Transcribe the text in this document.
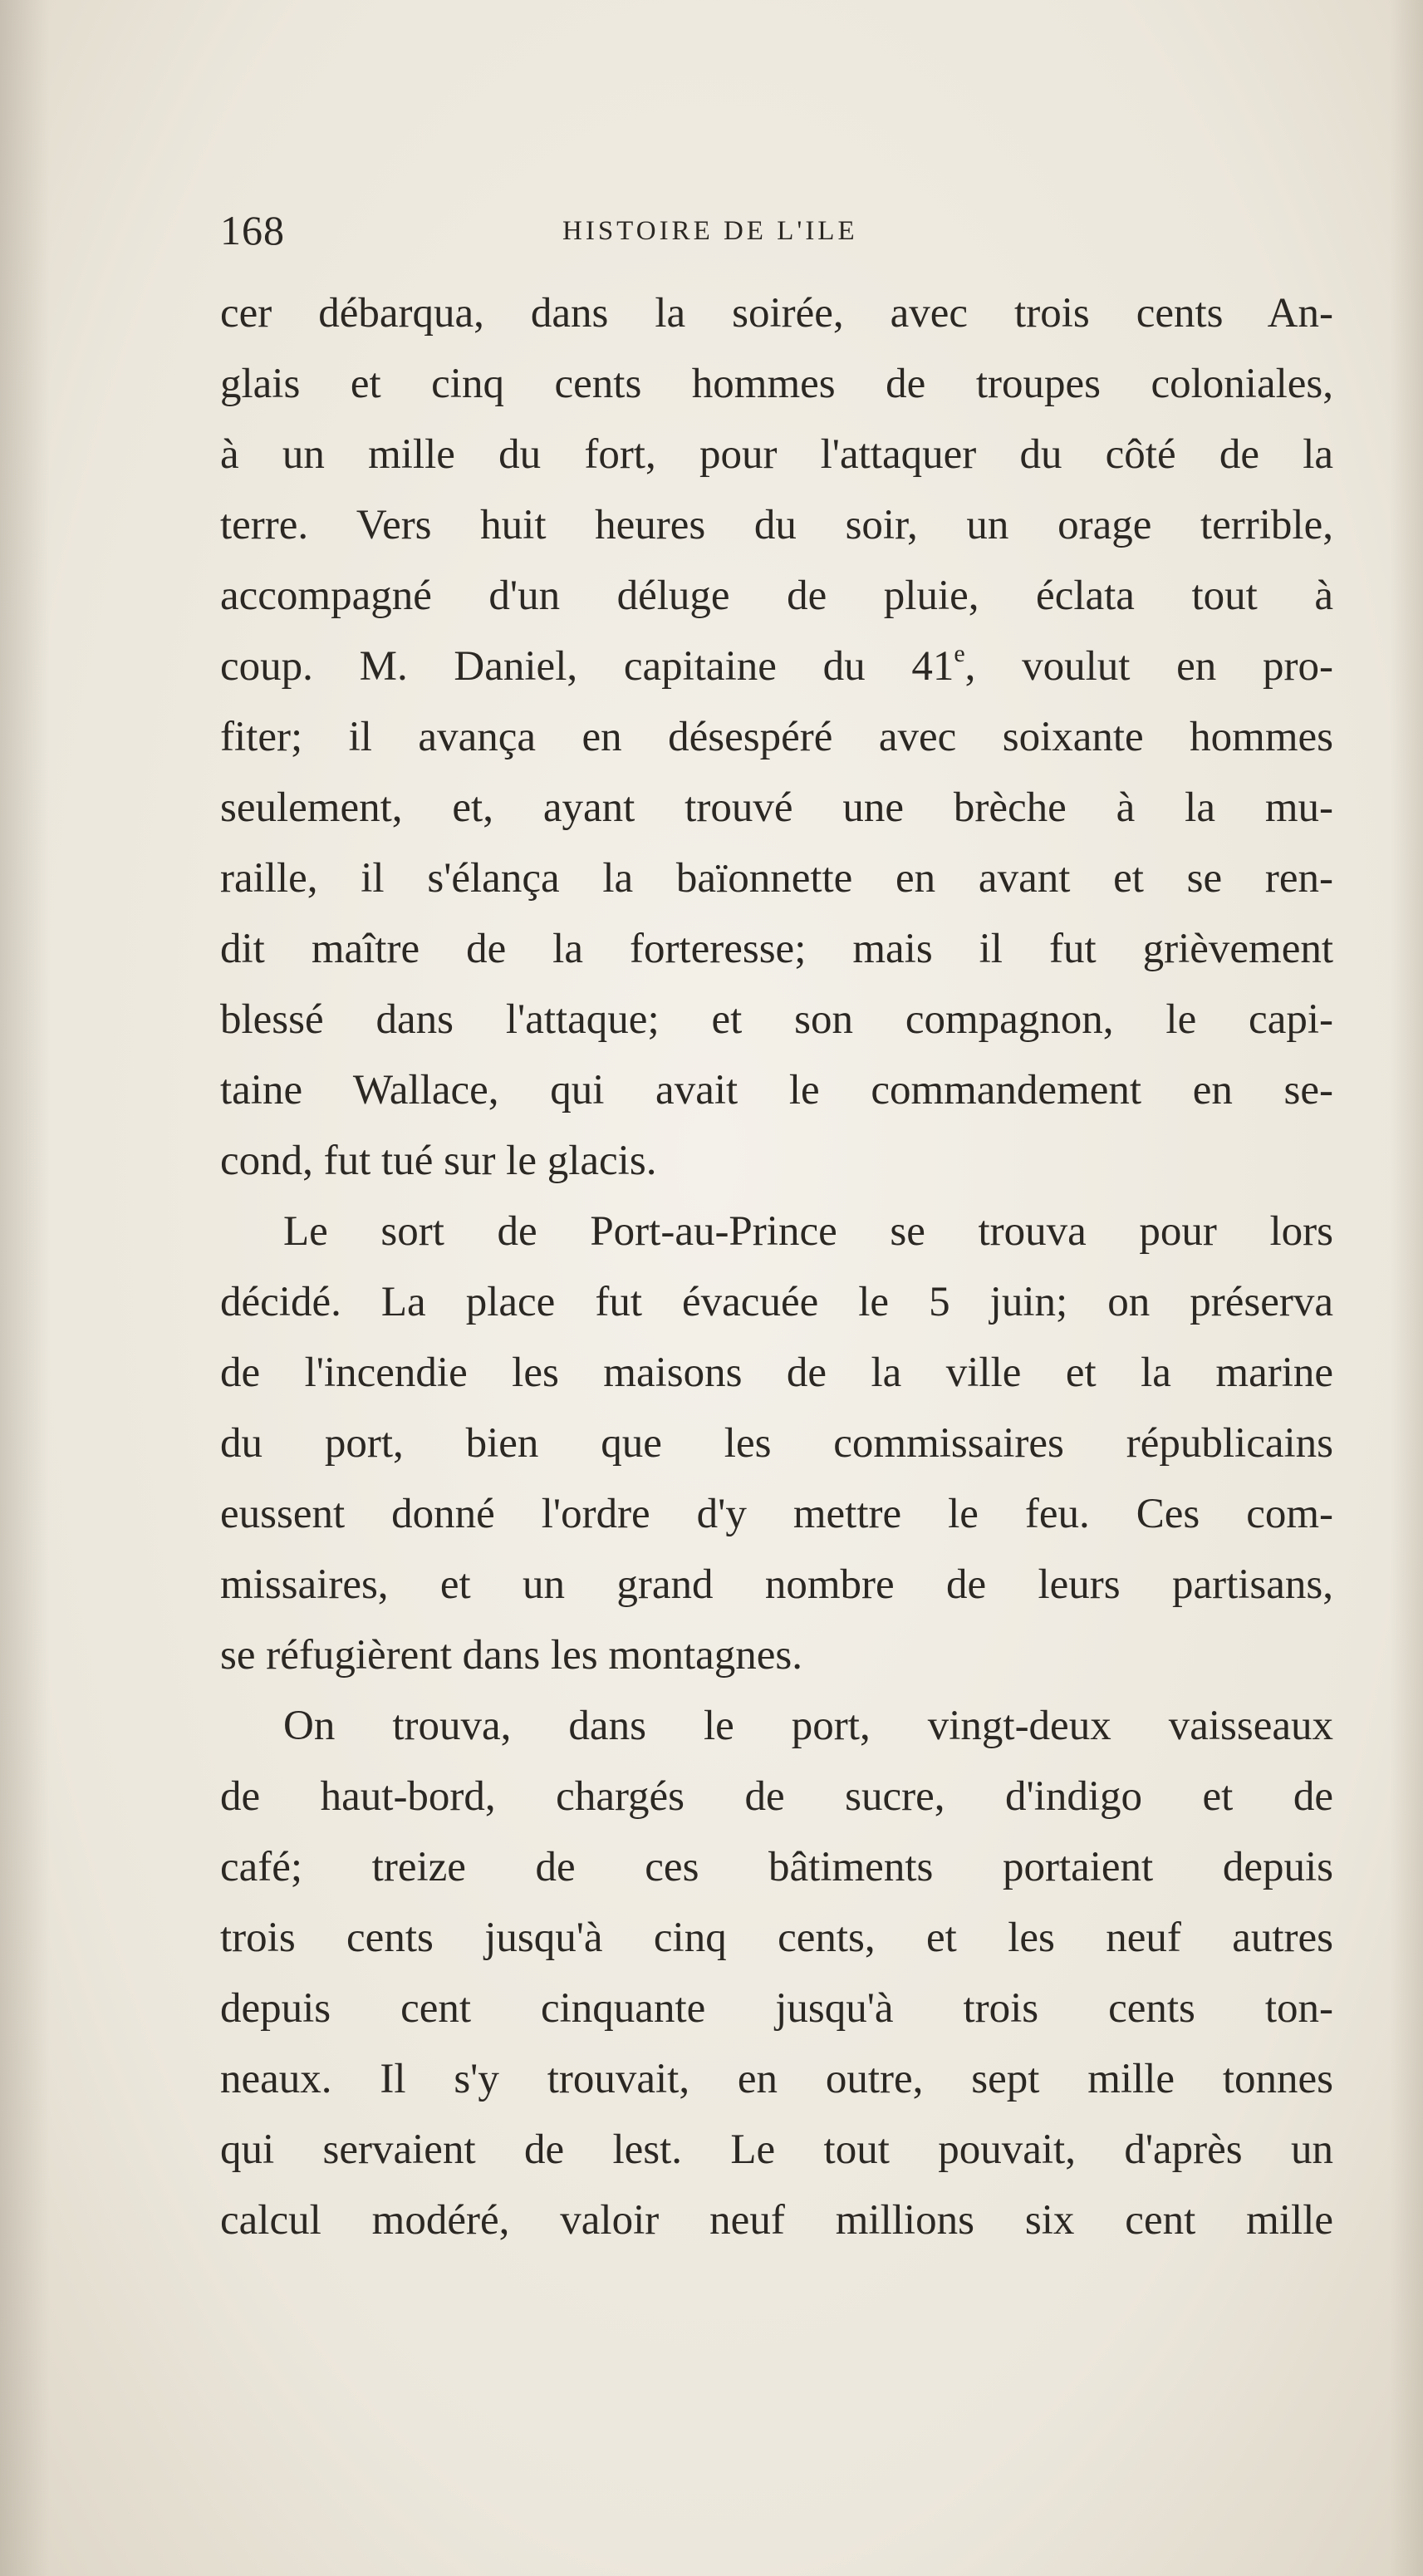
168	HISTOIRE DE L'ILE
cer débarqua, dans la soirée, avec trois cents An-
glais et cinq cents hommes de troupes coloniales,
à un mille du fort, pour l'attaquer du côté de la
terre. Vers huit heures du soir, un orage terrible,
accompagné d'un déluge de pluie, éclata tout à
coup. M. Daniel, capitaine du 41e, voulut en pro-
fiter; il avança en désespéré avec soixante hommes
seulement, et, ayant trouvé une brèche à la mu-
raille, il s'élança la baïonnette en avant et se ren-
dit maître de la forteresse; mais il fut grièvement
blessé dans l'attaque; et son compagnon, le capi-
taine Wallace, qui avait le commandement en se-
cond, fut tué sur le glacis.
Le sort de Port-au-Prince se trouva pour lors
décidé. La place fut évacuée le 5 juin; on préserva
de l'incendie les maisons de la ville et la marine
du port, bien que les commissaires républicains
eussent donné l'ordre d'y mettre le feu. Ces com-
missaires, et un grand nombre de leurs partisans,
se réfugièrent dans les montagnes.
On trouva, dans le port, vingt-deux vaisseaux
de haut-bord, chargés de sucre, d'indigo et de
café; treize de ces bâtiments portaient depuis
trois cents jusqu'à cinq cents, et les neuf autres
depuis cent cinquante jusqu'à trois cents ton-
neaux. Il s'y trouvait, en outre, sept mille tonnes
qui servaient de lest. Le tout pouvait, d'après un
calcul modéré, valoir neuf millions six cent mille
